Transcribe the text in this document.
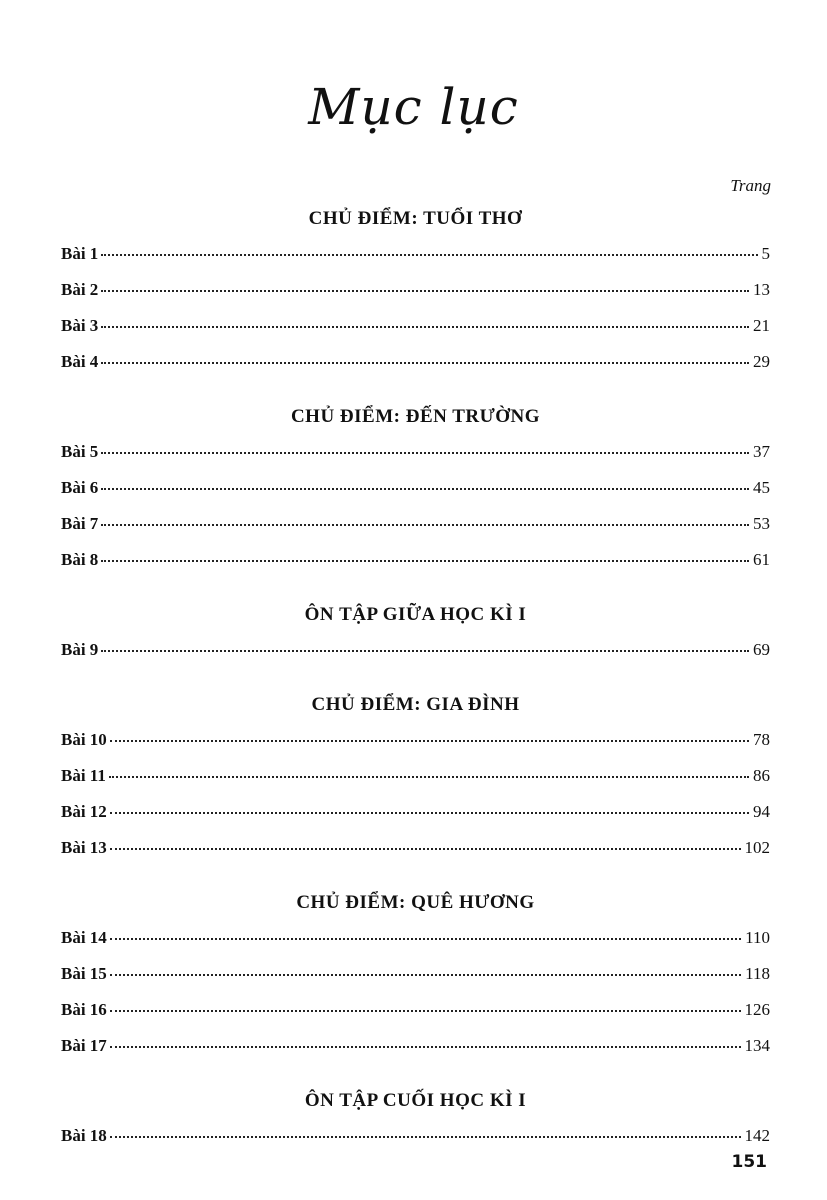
Mục lục
Trang
CHỦ ĐIỂM: TUỔI THƠ
Bài 1	5
Bài 2	13
Bài 3	21
Bài 4	29
CHỦ ĐIỂM: ĐẾN TRƯỜNG
Bài 5	37
Bài 6	45
Bài 7	53
Bài 8	61
ÔN TẬP GIỮA HỌC KÌ I
Bài 9	69
CHỦ ĐIỂM: GIA ĐÌNH
Bài 10	78
Bài 11	86
Bài 12	94
Bài 13	102
CHỦ ĐIỂM: QUÊ HƯƠNG
Bài 14	110
Bài 15	118
Bài 16	126
Bài 17	134
ÔN TẬP CUỐI HỌC KÌ I
Bài 18	142
151
